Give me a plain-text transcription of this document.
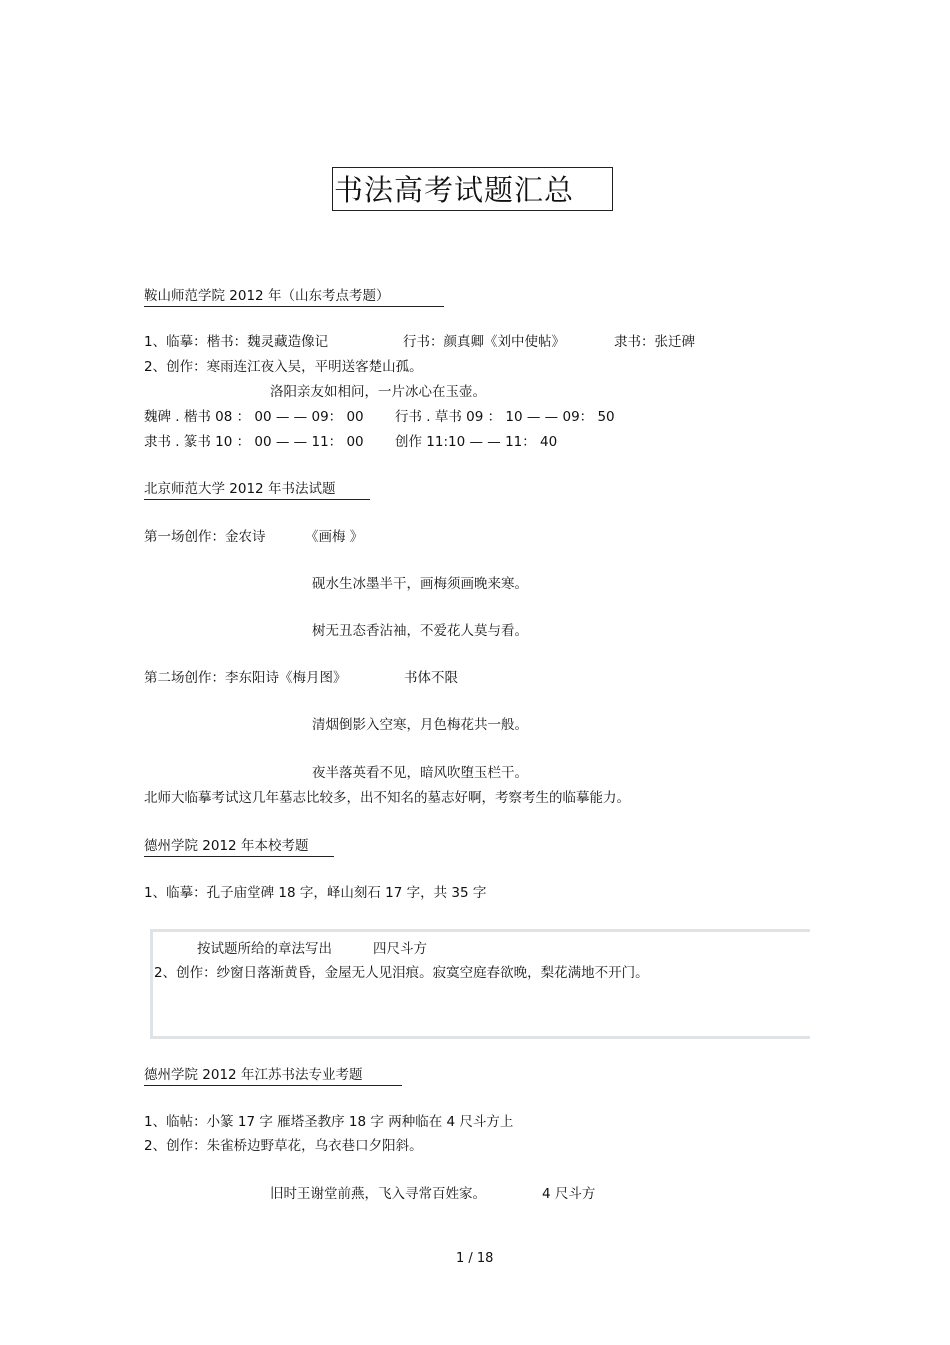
书法高考试题汇总
鞍山师范学院 2012 年（山东考点考题）
1、临摹：楷书：魏灵藏造像记	行书：颜真卿《刘中使帖》	隶书：张迁碑
2、创作：寒雨连江夜入吴，平明送客楚山孤。
洛阳亲友如相问，一片冰心在玉壶。
魏碑 . 楷书 08 ： 00 — — 09： 00 行书 . 草书 09 ： 10 — — 09： 50
隶书 . 篆书 10 ： 00 — — 11： 00 创作 11:10 — — 11： 40
北京师范大学 2012 年书法试题
第一场创作：金农诗	《画梅 》
砚水生冰墨半干，画梅须画晚来寒。
树无丑态香沾袖，不爱花人莫与看。
第二场创作：李东阳诗《梅月图》	书体不限
清烟倒影入空寒，月色梅花共一般。
夜半落英看不见，暗风吹堕玉栏干。
北师大临摹考试这几年墓志比较多，出不知名的墓志好啊，考察考生的临摹能力。
德州学院 2012 年本校考题
1、临摹：孔子庙堂碑 18 字，峄山刻石 17 字，共 35 字
按试题所给的章法写出	四尺斗方
2、创作：纱窗日落渐黄昏，金屋无人见泪痕。寂寞空庭春欲晚，梨花满地不开门。
德州学院 2012 年江苏书法专业考题
1、临帖：小篆 17 字 雁塔圣教序 18 字 两种临在 4 尺斗方上
2、创作：朱雀桥边野草花，乌衣巷口夕阳斜。
旧时王谢堂前燕，飞入寻常百姓家。	4 尺斗方
1 / 18
